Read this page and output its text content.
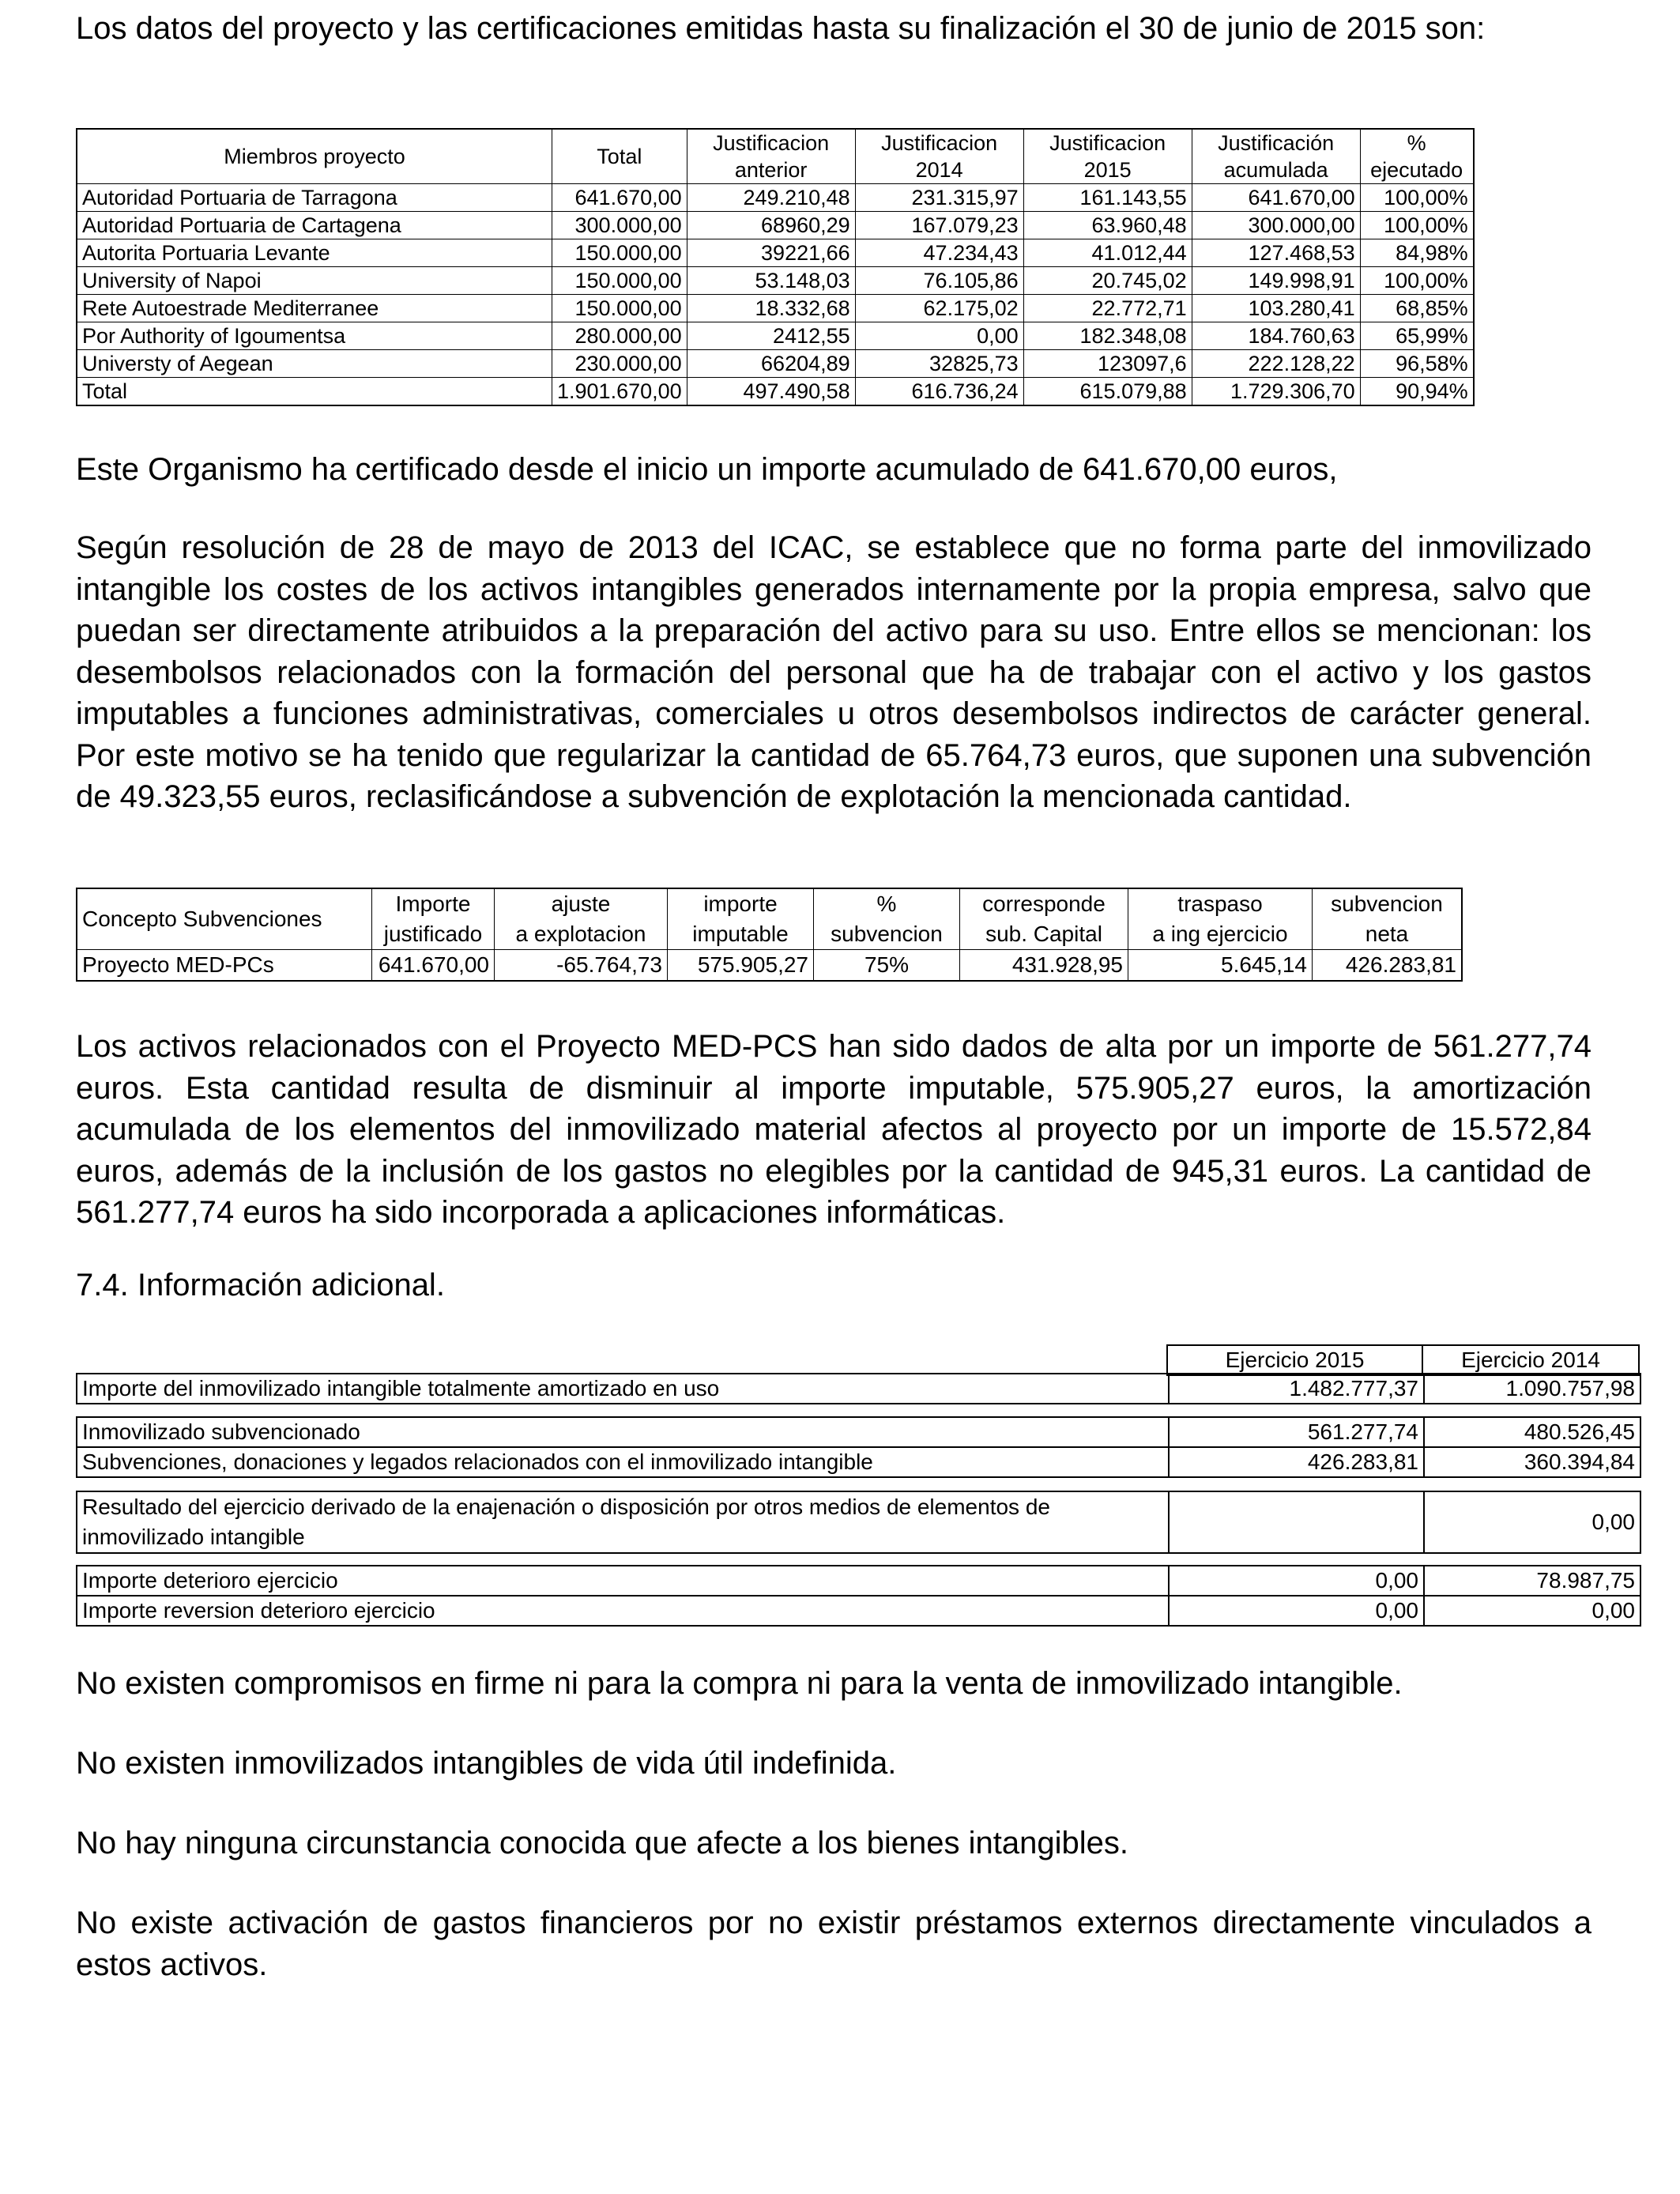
Los datos del proyecto y las certificaciones emitidas hasta su finalización el 30 de junio de 2015 son:

Miembros proyecto	Total	Justificacion	Justificacion	Justificacion	Justificación	%
		anterior	2014	2015	acumulada	ejecutado
Autoridad Portuaria de Tarragona	641.670,00	249.210,48	231.315,97	161.143,55	641.670,00	100,00%
Autoridad Portuaria de Cartagena	300.000,00	68960,29	167.079,23	63.960,48	300.000,00	100,00%
Autorita Portuaria Levante	150.000,00	39221,66	47.234,43	41.012,44	127.468,53	84,98%
University of Napoi	150.000,00	53.148,03	76.105,86	20.745,02	149.998,91	100,00%
Rete Autoestrade Mediterranee	150.000,00	18.332,68	62.175,02	22.772,71	103.280,41	68,85%
Por Authority of Igoumentsa	280.000,00	2412,55	0,00	182.348,08	184.760,63	65,99%
Universty of Aegean	230.000,00	66204,89	32825,73	123097,6	222.128,22	96,58%
Total	1.901.670,00	497.490,58	616.736,24	615.079,88	1.729.306,70	90,94%

Este Organismo ha certificado desde el inicio un importe acumulado de 641.670,00 euros,

Según resolución de 28 de mayo de 2013 del ICAC, se establece que no forma parte del inmovilizado intangible los costes de los activos intangibles generados internamente por la propia empresa, salvo que puedan ser directamente atribuidos a la preparación del activo para su uso. Entre ellos se mencionan: los desembolsos relacionados con la formación del personal que ha de trabajar con el activo y los gastos imputables a funciones administrativas, comerciales u otros desembolsos indirectos de carácter general. Por este motivo se ha tenido que regularizar la cantidad de 65.764,73 euros, que suponen una subvención de 49.323,55 euros, reclasificándose a subvención de explotación la mencionada cantidad.

Concepto Subvenciones	Importe	ajuste	importe	%	corresponde	traspaso	subvencion
	justificado	a explotacion	imputable	subvencion	sub. Capital	a ing ejercicio	neta
Proyecto MED-PCs	641.670,00	-65.764,73	575.905,27	75%	431.928,95	5.645,14	426.283,81

Los activos relacionados con el Proyecto MED-PCS han sido dados de alta por un importe de 561.277,74 euros. Esta cantidad resulta de disminuir al importe imputable, 575.905,27 euros, la amortización acumulada de los elementos del inmovilizado material afectos al proyecto por un importe de 15.572,84 euros, además de la inclusión de los gastos no elegibles por la cantidad de 945,31 euros. La cantidad de 561.277,74 euros ha sido incorporada a aplicaciones informáticas.

7.4. Información adicional.

	Ejercicio 2015	Ejercicio 2014
Importe del inmovilizado intangible totalmente amortizado en uso	1.482.777,37	1.090.757,98
Inmovilizado subvencionado	561.277,74	480.526,45
Subvenciones, donaciones y legados relacionados con el inmovilizado intangible	426.283,81	360.394,84
Resultado del ejercicio derivado de la enajenación o disposición por otros medios de elementos de
inmovilizado intangible		0,00
Importe deterioro ejercicio	0,00	78.987,75
Importe reversion deterioro ejercicio	0,00	0,00

No existen compromisos en firme ni para la compra ni para la venta de inmovilizado intangible.

No existen inmovilizados intangibles de vida útil indefinida.

No hay ninguna circunstancia conocida que afecte a los bienes intangibles.

No existe activación de gastos financieros por no existir préstamos externos directamente vinculados a estos activos.
